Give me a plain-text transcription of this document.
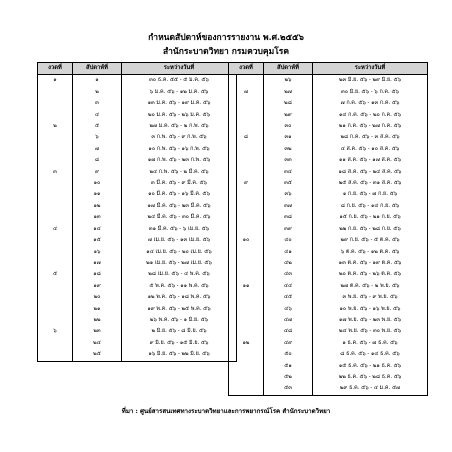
กำหนดสัปดาห์ของการรายงาน พ.ศ.๒๕๕๖
สำนักระบาดวิทยา กรมควบคุมโรค
งวดที่	สัปดาห์ที่	ระหว่างวันที่
๑	๑	๓๐ ธ.ค. ๕๕ - ๕ ม.ค. ๕๖
	๒	๖ ม.ค. ๕๖ - ๑๒ ม.ค. ๕๖
	๓	๑๓ ม.ค. ๕๖ - ๑๙ ม.ค. ๕๖
	๔	๒๐ ม.ค. ๕๖ - ๒๖ ม.ค. ๕๖
๒	๕	๒๗ ม.ค. ๕๖ - ๒ ก.พ. ๕๖
	๖	๓ ก.พ. ๕๖ - ๙ ก.พ. ๕๖
	๗	๑๐ ก.พ. ๕๖ - ๑๖ ก.พ. ๕๖
	๘	๑๗ ก.พ. ๕๖ - ๒๓ ก.พ. ๕๖
๓	๙	๒๔ ก.พ. ๕๖ - ๒ มี.ค. ๕๖
	๑๐	๓ มี.ค. ๕๖ - ๙ มี.ค. ๕๖
	๑๑	๑๐ มี.ค. ๕๖ - ๑๖ มี.ค. ๕๖
	๑๒	๑๗ มี.ค. ๕๖ - ๒๓ มี.ค. ๕๖
	๑๓	๒๔ มี.ค. ๕๖ - ๓๐ มี.ค. ๕๖
๔	๑๔	๓๑ มี.ค. ๕๖ - ๖ เม.ย. ๕๖
	๑๕	๗ เม.ย. ๕๖ - ๑๓ เม.ย. ๕๖
	๑๖	๑๔ เม.ย. ๕๖ - ๒๐ เม.ย. ๕๖
	๑๗	๒๑ เม.ย. ๕๖ - ๒๗ เม.ย. ๕๖
๕	๑๘	๒๘ เม.ย. ๕๖ - ๔ พ.ค. ๕๖
	๑๙	๕ พ.ค. ๕๖ - ๑๑ พ.ค. ๕๖
	๒๐	๑๒ พ.ค. ๕๖ - ๑๘ พ.ค. ๕๖
	๒๑	๑๙ พ.ค. ๕๖ - ๒๕ พ.ค. ๕๖
	๒๒	๒๖ พ.ค. ๕๖ - ๑ มิ.ย. ๕๖
๖	๒๓	๒ มิ.ย. ๕๖ - ๘ มิ.ย. ๕๖
	๒๔	๙ มิ.ย. ๕๖ - ๑๕ มิ.ย. ๕๖
	๒๕	๑๖ มิ.ย. ๕๖ - ๒๒ มิ.ย. ๕๖
งวดที่	สัปดาห์ที่	ระหว่างวันที่
	๒๖	๒๓ มิ.ย. ๕๖ - ๒๙ มิ.ย. ๕๖
๗	๒๗	๓๐ มิ.ย. ๕๖ - ๖ ก.ค. ๕๖
	๒๘	๗ ก.ค. ๕๖ - ๑๓ ก.ค. ๕๖
	๒๙	๑๔ ก.ค. ๕๖ - ๒๐ ก.ค. ๕๖
	๓๐	๒๑ ก.ค. ๕๖ - ๒๗ ก.ค. ๕๖
๘	๓๑	๒๘ ก.ค. ๕๖ - ๓ ส.ค. ๕๖
	๓๒	๔ ส.ค. ๕๖ - ๑๐ ส.ค. ๕๖
	๓๓	๑๑ ส.ค. ๕๖ - ๑๗ ส.ค. ๕๖
	๓๔	๑๘ ส.ค. ๕๖ - ๒๔ ส.ค. ๕๖
๙	๓๕	๒๕ ส.ค. ๕๖ - ๓๑ ส.ค. ๕๖
	๓๖	๑ ก.ย. ๕๖ - ๗ ก.ย. ๕๖
	๓๗	๘ ก.ย. ๕๖ - ๑๔ ก.ย. ๕๖
	๓๘	๑๕ ก.ย. ๕๖ - ๒๑ ก.ย. ๕๖
	๓๙	๒๒ ก.ย. ๕๖ - ๒๘ ก.ย. ๕๖
๑๐	๔๐	๒๙ ก.ย. ๕๖ - ๕ ต.ค. ๕๖
	๔๑	๖ ต.ค. ๕๖ - ๑๒ ต.ค. ๕๖
	๔๒	๑๓ ต.ค. ๕๖ - ๑๙ ต.ค. ๕๖
	๔๓	๒๐ ต.ค. ๕๖ - ๒๖ ต.ค. ๕๖
๑๑	๔๔	๒๗ ต.ค. ๕๖ - ๒ พ.ย. ๕๖
	๔๕	๓ พ.ย. ๕๖ - ๙ พ.ย. ๕๖
	๔๖	๑๐ พ.ย. ๕๖ - ๑๖ พ.ย. ๕๖
	๔๗	๑๗ พ.ย. ๕๖ - ๒๓ พ.ย. ๕๖
	๔๘	๒๔ พ.ย. ๕๖ - ๓๐ พ.ย. ๕๖
๑๒	๔๙	๑ ธ.ค. ๕๖ - ๗ ธ.ค. ๕๖
	๕๐	๘ ธ.ค. ๕๖ - ๑๔ ธ.ค. ๕๖
	๕๑	๑๕ ธ.ค. ๕๖ - ๒๑ ธ.ค. ๕๖
	๕๒	๒๒ ธ.ค. ๕๖ - ๒๘ ธ.ค. ๕๖
	๕๓	๒๙ ธ.ค. ๕๖ - ๔ ม.ค. ๕๗
ที่มา : ศูนย์สารสนเทศทางระบาดวิทยาและการพยากรณ์โรค สำนักระบาดวิทยา
